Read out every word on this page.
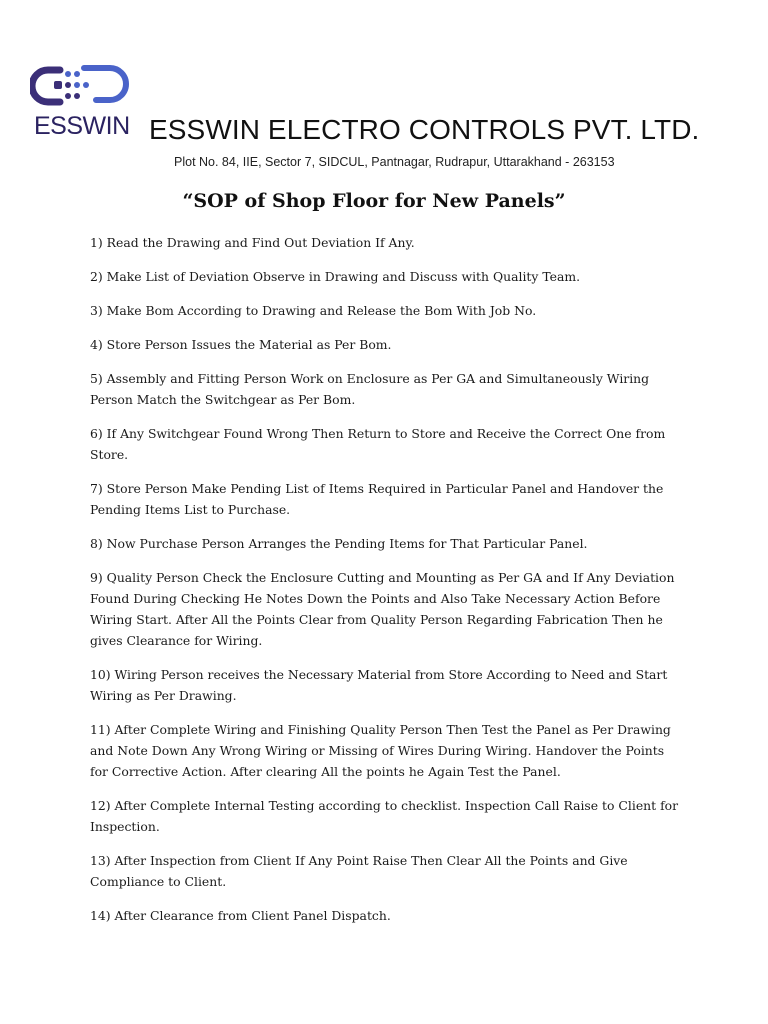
ESSWIN ESSWIN ELECTRO CONTROLS PVT. LTD.
Plot No. 84, IIE, Sector 7, SIDCUL, Pantnagar, Rudrapur, Uttarakhand - 263153
“SOP of Shop Floor for New Panels”
1) Read the Drawing and Find Out Deviation If Any.
2) Make List of Deviation Observe in Drawing and Discuss with Quality Team.
3) Make Bom According to Drawing and Release the Bom With Job No.
4) Store Person Issues the Material as Per Bom.
5) Assembly and Fitting Person Work on Enclosure as Per GA and Simultaneously Wiring Person Match the Switchgear as Per Bom.
6) If Any Switchgear Found Wrong Then Return to Store and Receive the Correct One from Store.
7) Store Person Make Pending List of Items Required in Particular Panel and Handover the Pending Items List to Purchase.
8) Now Purchase Person Arranges the Pending Items for That Particular Panel.
9) Quality Person Check the Enclosure Cutting and Mounting as Per GA and If Any Deviation Found During Checking He Notes Down the Points and Also Take Necessary Action Before Wiring Start. After All the Points Clear from Quality Person Regarding Fabrication Then he gives Clearance for Wiring.
10) Wiring Person receives the Necessary Material from Store According to Need and Start Wiring as Per Drawing.
11) After Complete Wiring and Finishing Quality Person Then Test the Panel as Per Drawing and Note Down Any Wrong Wiring or Missing of Wires During Wiring. Handover the Points for Corrective Action. After clearing All the points he Again Test the Panel.
12) After Complete Internal Testing according to checklist. Inspection Call Raise to Client for Inspection.
13) After Inspection from Client If Any Point Raise Then Clear All the Points and Give Compliance to Client.
14) After Clearance from Client Panel Dispatch.
